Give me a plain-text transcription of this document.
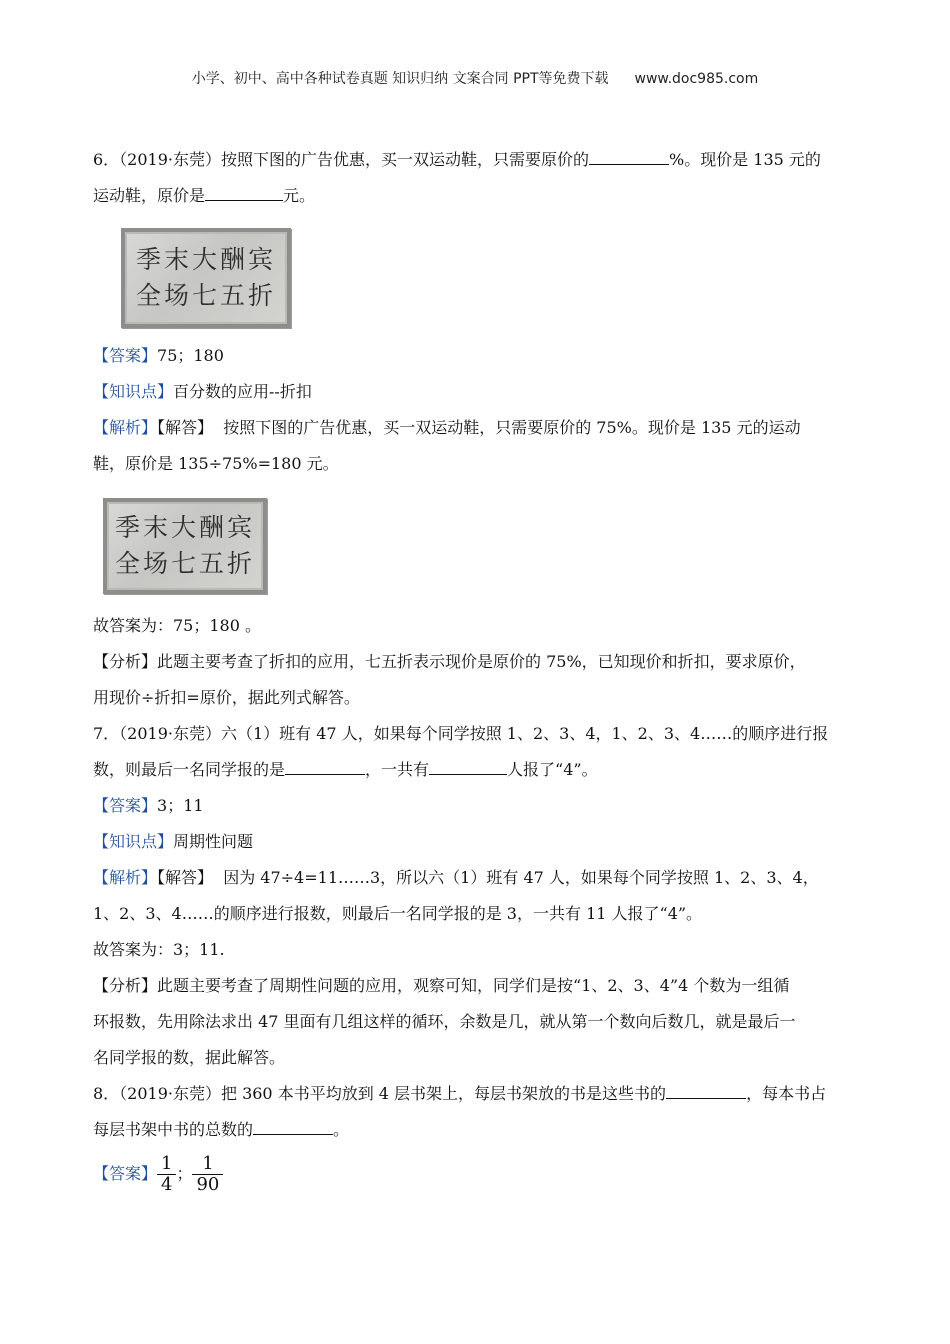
小学、初中、高中各种试卷真题 知识归纳 文案合同 PPT等免费下载 www.doc985.com

6．（2019·东莞）按照下图的广告优惠，买一双运动鞋，只需要原价的	%。现价是 135 元的
运动鞋，原价是	元。

季末大酬宾
全场七五折

【答案】75；180

【知识点】百分数的应用--折扣

【解析】【解答】 按照下图的广告优惠，买一双运动鞋，只需要原价的 75%。现价是 135 元的运动
鞋，原价是 135÷75%=180 元。

季末大酬宾
全场七五折

故答案为：75；180 。

【分析】此题主要考查了折扣的应用，七五折表示现价是原价的 75%，已知现价和折扣，要求原价，
用现价÷折扣=原价，据此列式解答。

7．（2019·东莞）六（1）班有 47 人，如果每个同学按照 1、2、3、4，1、2、3、4……的顺序进行报
数，则最后一名同学报的是	，一共有	人报了“4”。

【答案】3；11

【知识点】周期性问题

【解析】【解答】 因为 47÷4=11……3，所以六（1）班有 47 人，如果每个同学按照 1、2、3、4，
1、2、3、4……的顺序进行报数，则最后一名同学报的是 3，一共有 11 人报了“4”。

故答案为：3；11.

【分析】此题主要考查了周期性问题的应用，观察可知，同学们是按“1、2、3、4”4 个数为一组循
环报数，先用除法求出 47 里面有几组这样的循环，余数是几，就从第一个数向后数几，就是最后一
名同学报的数，据此解答。

8．（2019·东莞）把 360 本书平均放到 4 层书架上，每层书架放的书是这些书的	，每本书占
每层书架中书的总数的	。

【答案】 $\frac{1}{4}$ ； $\frac{1}{90}$
